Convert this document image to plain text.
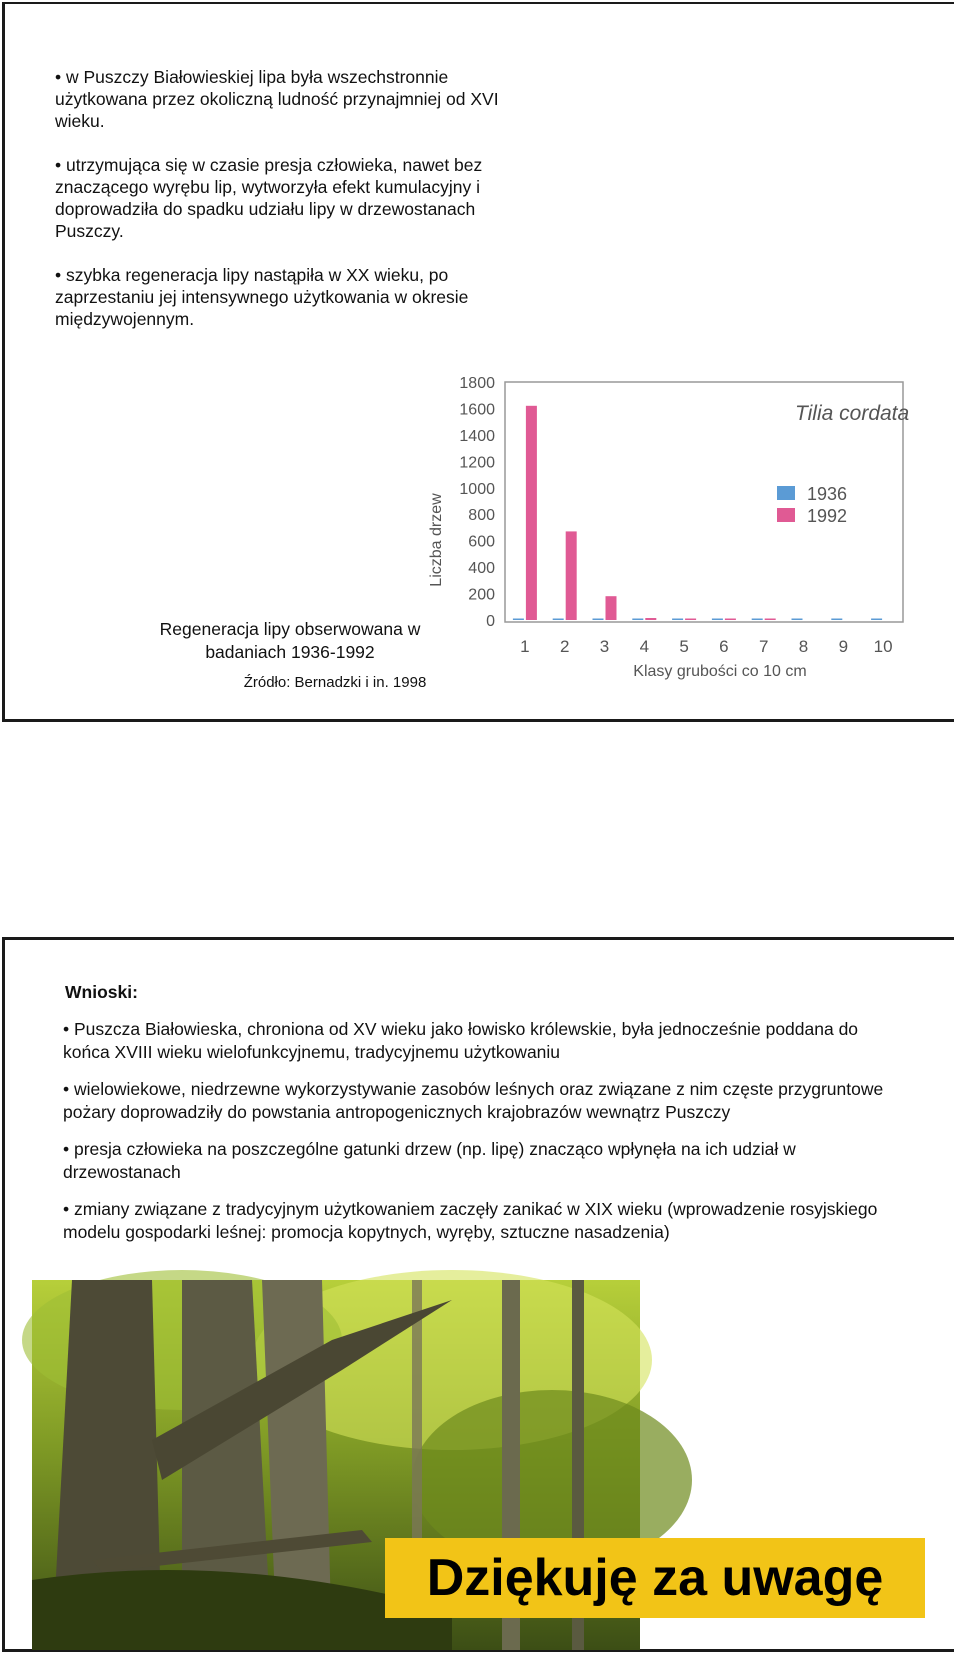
• w Puszczy Białowieskiej lipa była wszechstronnie użytkowana przez okoliczną ludność przynajmniej od XVI wieku.

• utrzymująca się w czasie presja człowieka, nawet bez znaczącego wyrębu lip, wytworzyła efekt kumulacyjny i doprowadziła do spadku udziału lipy w drzewostanach Puszczy.

• szybka regeneracja lipy nastąpiła w XX wieku, po zaprzestaniu jej intensywnego użytkowania w okresie międzywojennym.

Regeneracja lipy obserwowana w badaniach 1936-1992
Źródło: Bernadzki i in. 1998
0
200
400
600
800
1000
1200
1400
1600
1800
1 2 3 4 5 6 7 8 9 10
Tilia cordata
Liczba drzew
Klasy grubości co 10 cm
1936
1992
Wnioski:

• Puszcza Białowieska, chroniona od XV wieku jako łowisko królewskie, była jednocześnie poddana do końca XVIII wieku wielofunkcyjnemu, tradycyjnemu użytkowaniu

• wielowiekowe, niedrzewne wykorzystywanie zasobów leśnych oraz związane z nim częste przygruntowe pożary doprowadziły do powstania antropogenicznych krajobrazów wewnątrz Puszczy

• presja człowieka na poszczególne gatunki drzew (np. lipę) znacząco wpłynęła na ich udział w drzewostanach

• zmiany związane z tradycyjnym użytkowaniem zaczęły zanikać w XIX wieku (wprowadzenie rosyjskiego modelu gospodarki leśnej: promocja kopytnych, wyręby, sztuczne nasadzenia)

Dziękuję za uwagę
